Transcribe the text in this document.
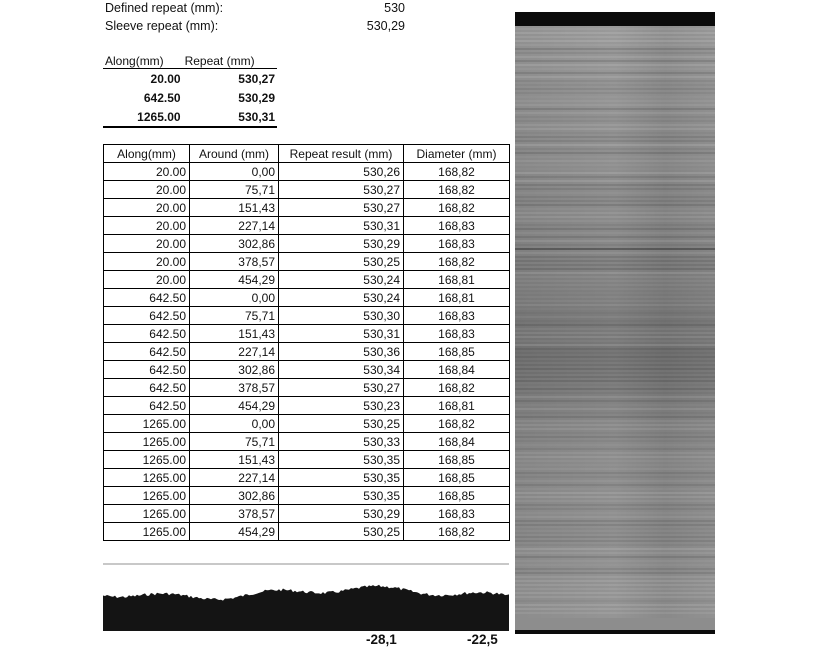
Defined repeat (mm):	530
Sleeve repeat (mm):	530,29
Along(mm)	Repeat (mm)
20.00	530,27
642.50	530,29
1265.00	530,31
Along(mm)	Around (mm)	Repeat result (mm)	Diameter (mm)
20.00	0,00	530,26	168,82
20.00	75,71	530,27	168,82
20.00	151,43	530,27	168,82
20.00	227,14	530,31	168,83
20.00	302,86	530,29	168,83
20.00	378,57	530,25	168,82
20.00	454,29	530,24	168,81
642.50	0,00	530,24	168,81
642.50	75,71	530,30	168,83
642.50	151,43	530,31	168,83
642.50	227,14	530,36	168,85
642.50	302,86	530,34	168,84
642.50	378,57	530,27	168,82
642.50	454,29	530,23	168,81
1265.00	0,00	530,25	168,82
1265.00	75,71	530,33	168,84
1265.00	151,43	530,35	168,85
1265.00	227,14	530,35	168,85
1265.00	302,86	530,35	168,85
1265.00	378,57	530,29	168,83
1265.00	454,29	530,25	168,82
-28,1	-22,5
